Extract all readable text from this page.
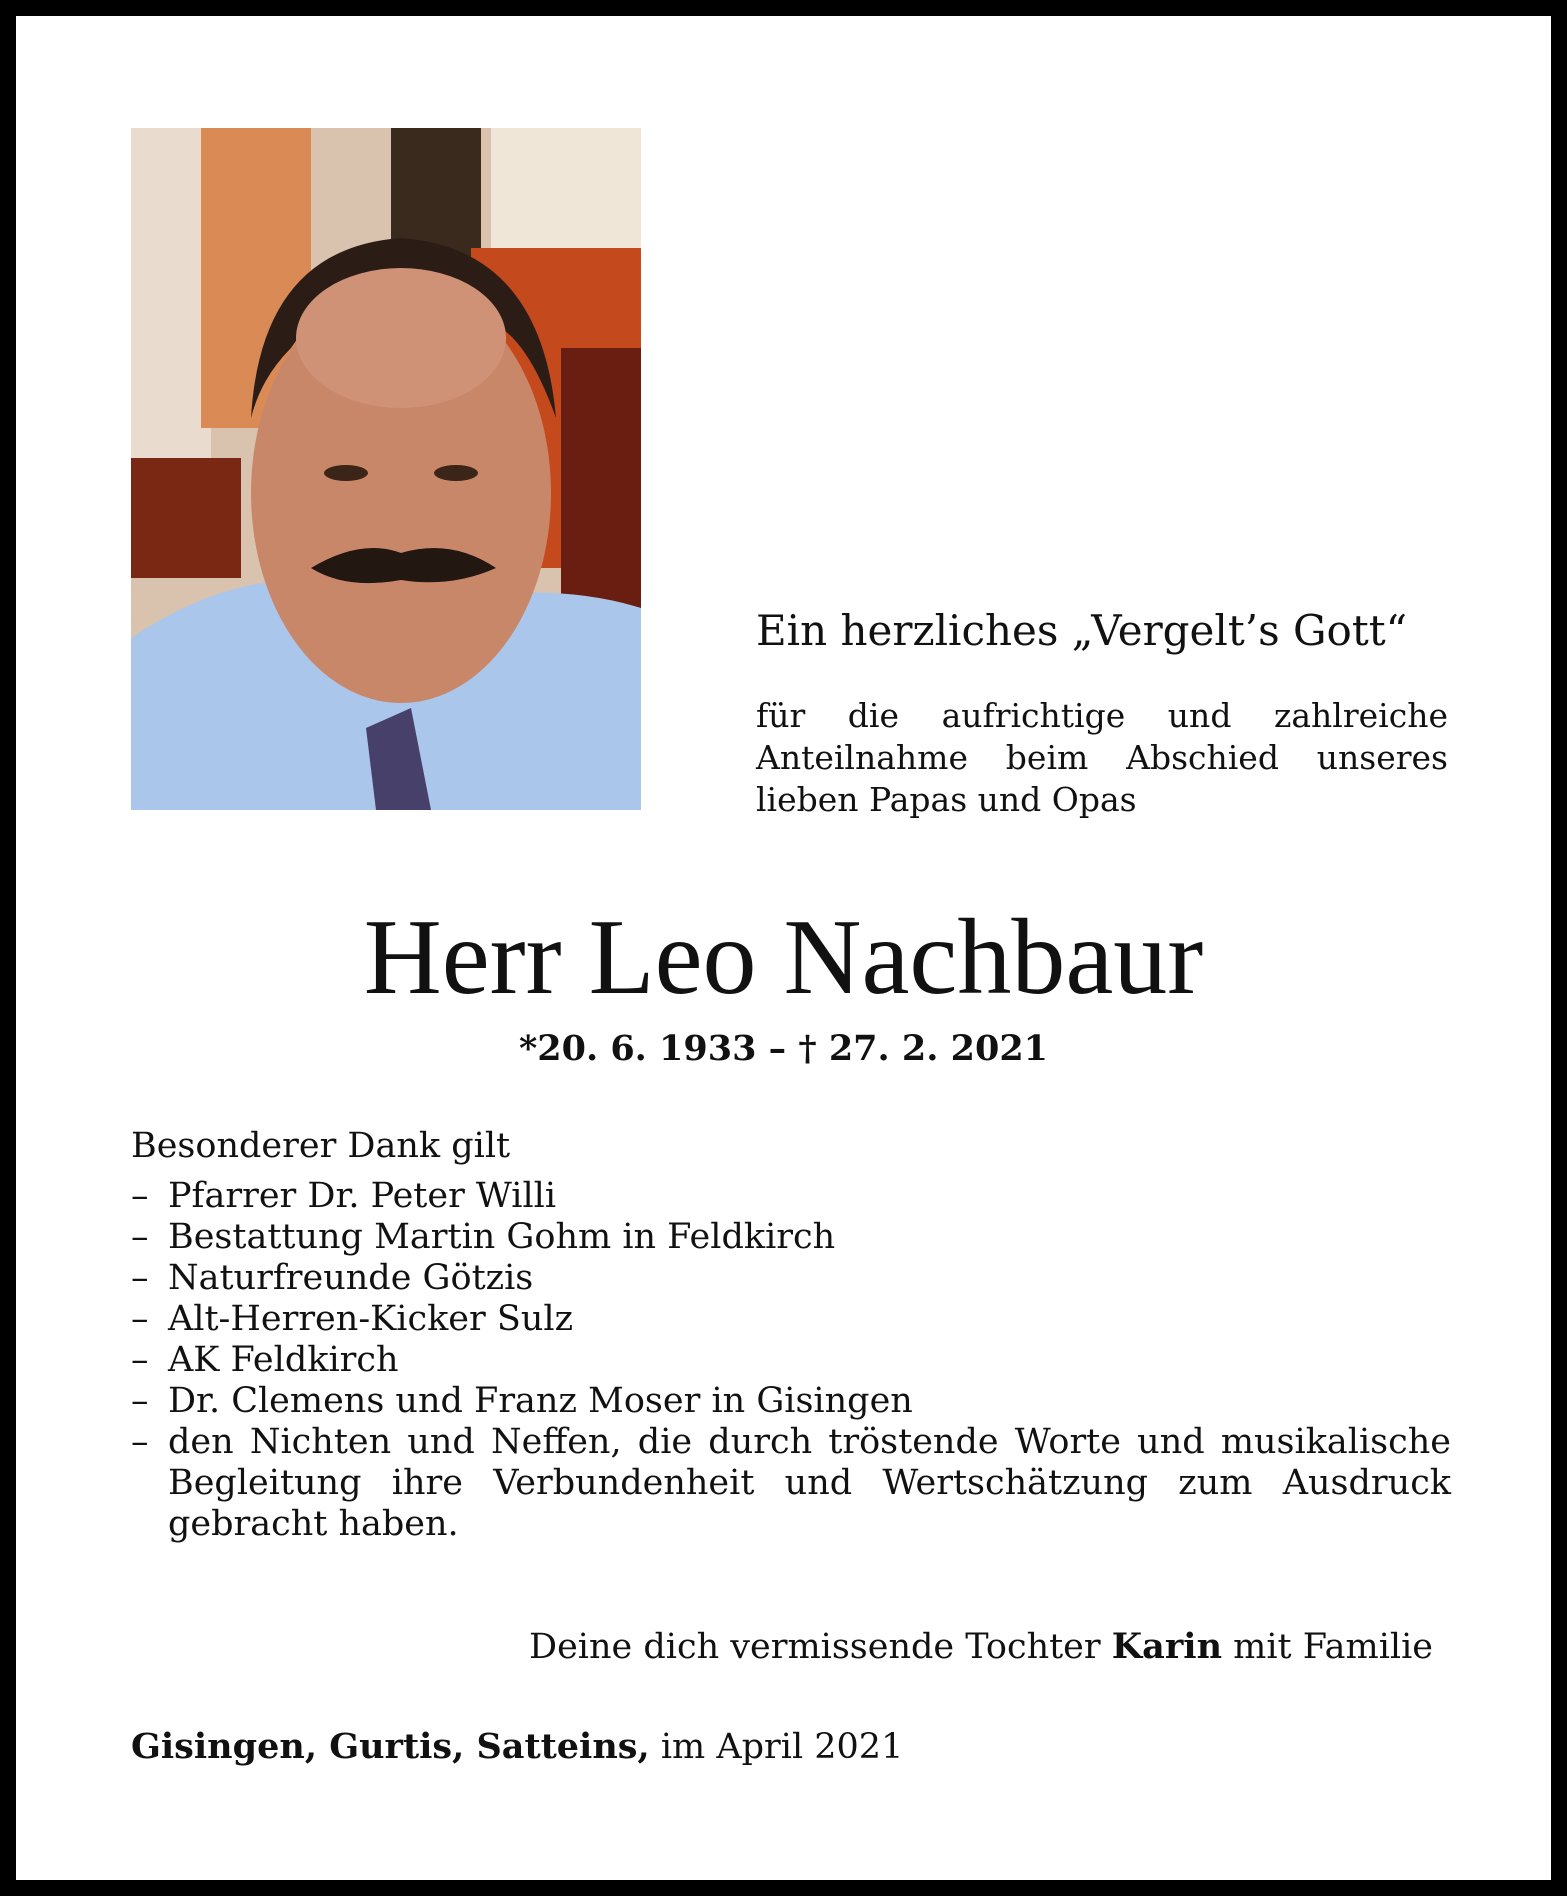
Ein herzliches „Vergelt’s Gott“
für die aufrichtige und zahlreiche Anteilnahme beim Abschied unseres lieben Papas und Opas
Herr Leo Nachbaur
*20. 6. 1933 – † 27. 2. 2021
Besonderer Dank gilt
– Pfarrer Dr. Peter Willi
– Bestattung Martin Gohm in Feldkirch
– Naturfreunde Götzis
– Alt-Herren-Kicker Sulz
– AK Feldkirch
– Dr. Clemens und Franz Moser in Gisingen
– den Nichten und Neffen, die durch tröstende Worte und musikalische Begleitung ihre Verbundenheit und Wertschätzung zum Ausdruck gebracht haben.
Deine dich vermissende Tochter Karin mit Familie
Gisingen, Gurtis, Satteins, im April 2021
